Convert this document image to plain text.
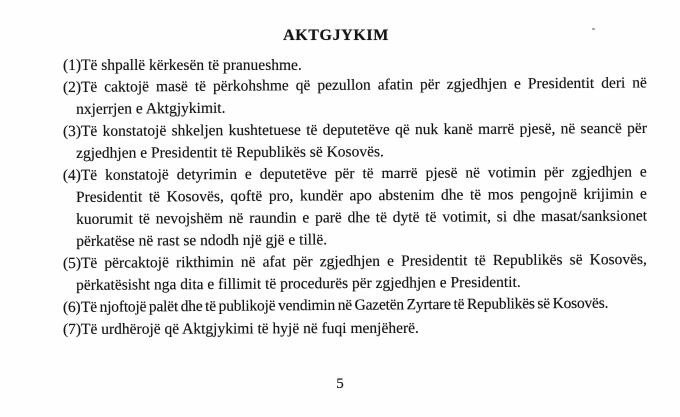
AKTGJYKIM
(1) Të shpallë kërkesën të pranueshme.
(2) Të caktojë masë të përkohshme që pezullon afatin për zgjedhjen e Presidentit deri në nxjerrjen e Aktgjykimit.
(3) Të konstatojë shkeljen kushtetuese të deputetëve që nuk kanë marrë pjesë, në seancë për zgjedhjen e Presidentit të Republikës së Kosovës.
(4) Të konstatojë detyrimin e deputetëve për të marrë pjesë në votimin për zgjedhjen e Presidentit të Kosovës, qoftë pro, kundër apo abstenim dhe të mos pengojnë krijimin e kuorumit të nevojshëm në raundin e parë dhe të dytë të votimit, si dhe masat/sanksionet përkatëse në rast se ndodh një gjë e tillë.
(5) Të përcaktojë rikthimin në afat për zgjedhjen e Presidentit të Republikës së Kosovës, përkatësisht nga dita e fillimit të procedurës për zgjedhjen e Presidentit.
(6) Të njoftojë palët dhe të publikojë vendimin në Gazetën Zyrtare të Republikës së Kosovës.
(7) Të urdhërojë që Aktgjykimi të hyjë në fuqi menjëherë.
5
